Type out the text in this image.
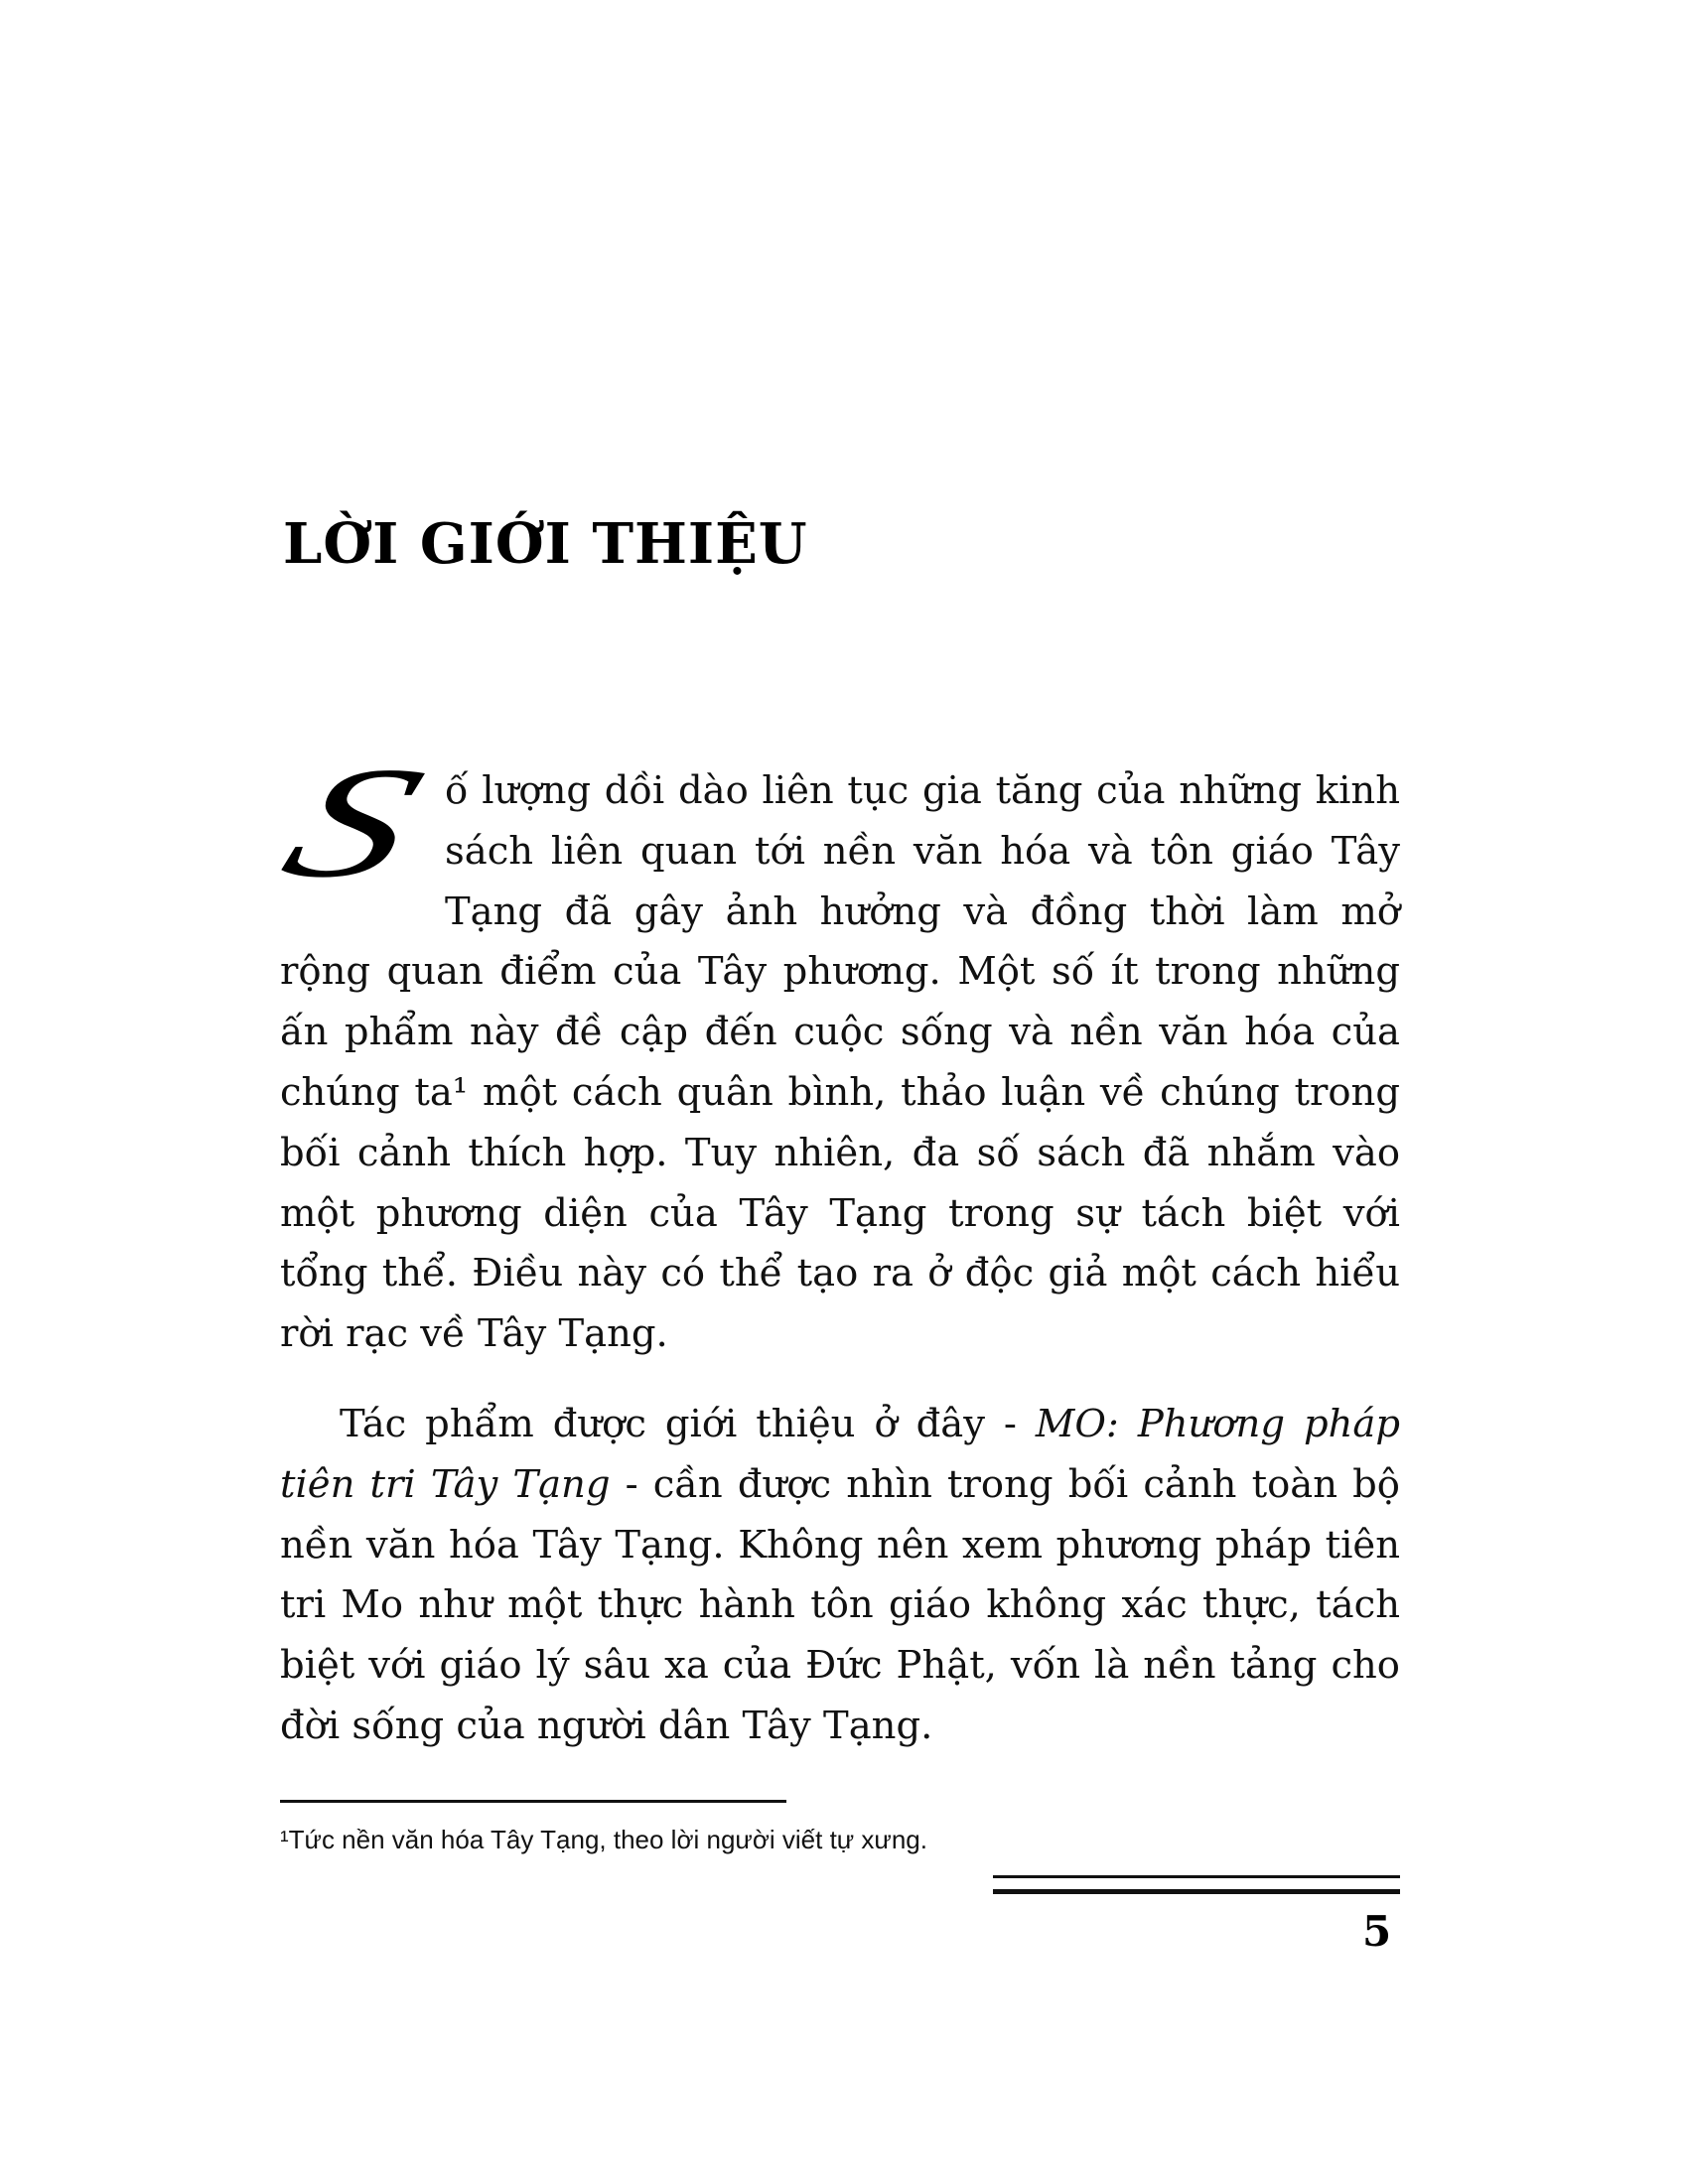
LỜI GIỚI THIỆU

Số lượng dồi dào liên tục gia tăng của những kinh sách liên quan tới nền văn hóa và tôn giáo Tây Tạng đã gây ảnh hưởng và đồng thời làm mở rộng quan điểm của Tây phương. Một số ít trong những ấn phẩm này đề cập đến cuộc sống và nền văn hóa của chúng ta¹ một cách quân bình, thảo luận về chúng trong bối cảnh thích hợp. Tuy nhiên, đa số sách đã nhắm vào một phương diện của Tây Tạng trong sự tách biệt với tổng thể. Điều này có thể tạo ra ở độc giả một cách hiểu rời rạc về Tây Tạng.

Tác phẩm được giới thiệu ở đây - MO: Phương pháp tiên tri Tây Tạng - cần được nhìn trong bối cảnh toàn bộ nền văn hóa Tây Tạng. Không nên xem phương pháp tiên tri Mo như một thực hành tôn giáo không xác thực, tách biệt với giáo lý sâu xa của Đức Phật, vốn là nền tảng cho đời sống của người dân Tây Tạng.

¹Tức nền văn hóa Tây Tạng, theo lời người viết tự xưng.

5
